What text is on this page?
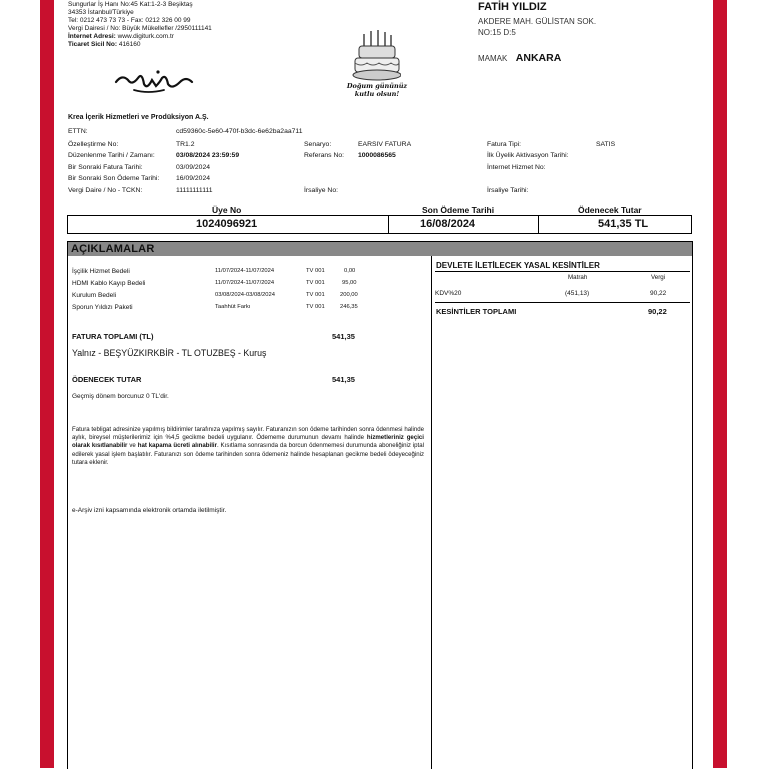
Sungurlar İş Hanı No:45 Kat:1-2-3 Beşiktaş
34353 İstanbul/Türkiye
Tel: 0212 473 73 73 - Fax: 0212 326 00 99
Vergi Dairesi / No: Büyük Mükellefler /2950111141
İnternet Adresi: www.digiturk.com.tr
Ticaret Sicil No: 416160
Doğum gününüz
kutlu olsun!
FATİH YILDIZ
AKDERE MAH. GÜLİSTAN SOK.
NO:15 D:5
MAMAK ANKARA
Krea İçerik Hizmetleri ve Prodüksiyon A.Ş.
ETTN:	cd59360c-5e60-470f-b3dc-6e62ba2aa711
Özelleştirme No:	TR1.2
Düzenlenme Tarihi / Zamanı:	03/08/2024 23:59:59
Bir Sonraki Fatura Tarihi:	03/09/2024
Bir Sonraki Son Ödeme Tarihi: 16/09/2024
Vergi Daire / No - TCKN:	11111111111
Senaryo:	EARSIV FATURA
Referans No: 1000086565
İrsaliye No:
Fatura Tipi:	SATIS
İlk Üyelik Aktivasyon Tarihi:
İnternet Hizmet No:
İrsaliye Tarihi:
Üye No	Son Ödeme Tarihi	Ödenecek Tutar
1024096921	16/08/2024	541,35 TL
AÇIKLAMALAR
İşçilik Hizmet Bedeli	11/07/2024-11/07/2024	TV 001	0,00
HDMI Kablo Kayıp Bedeli	11/07/2024-11/07/2024	TV 001	95,00
Kurulum Bedeli	03/08/2024-03/08/2024	TV 001	200,00
Sporun Yıldızı Paketi	Taahhüt Farkı	TV 001	246,35
FATURA TOPLAMI (TL)	541,35
Yalnız - BEŞYÜZKIRKBİR - TL OTUZBEŞ - Kuruş
ÖDENECEK TUTAR	541,35
Geçmiş dönem borcunuz 0 TL'dir.
Fatura tebligat adresinize yapılmış bildirimler tarafınıza yapılmış sayılır. Faturanızın son ödeme tarihinden sonra ödenmesi halinde aylık, bireysel müşterilerimiz için %4,5 gecikme bedeli uygulanır. Ödememe durumunun devamı halinde hizmetleriniz geçici olarak kısıtlanabilir ve hat kapama ücreti alınabilir. Kısıtlama sonrasında da borcun ödenmemesi durumunda aboneliğiniz iptal edilerek yasal işlem başlatılır. Faturanızı son ödeme tarihinden sonra ödemeniz halinde hesaplanan gecikme bedeli ödeyeceğiniz tutara eklenir.
e-Arşiv izni kapsamında elektronik ortamda iletilmiştir.
DEVLETE İLETİLECEK YASAL KESİNTİLER
Matrah	Vergi
KDV%20	(451,13)	90,22
KESİNTİLER TOPLAMI	90,22
